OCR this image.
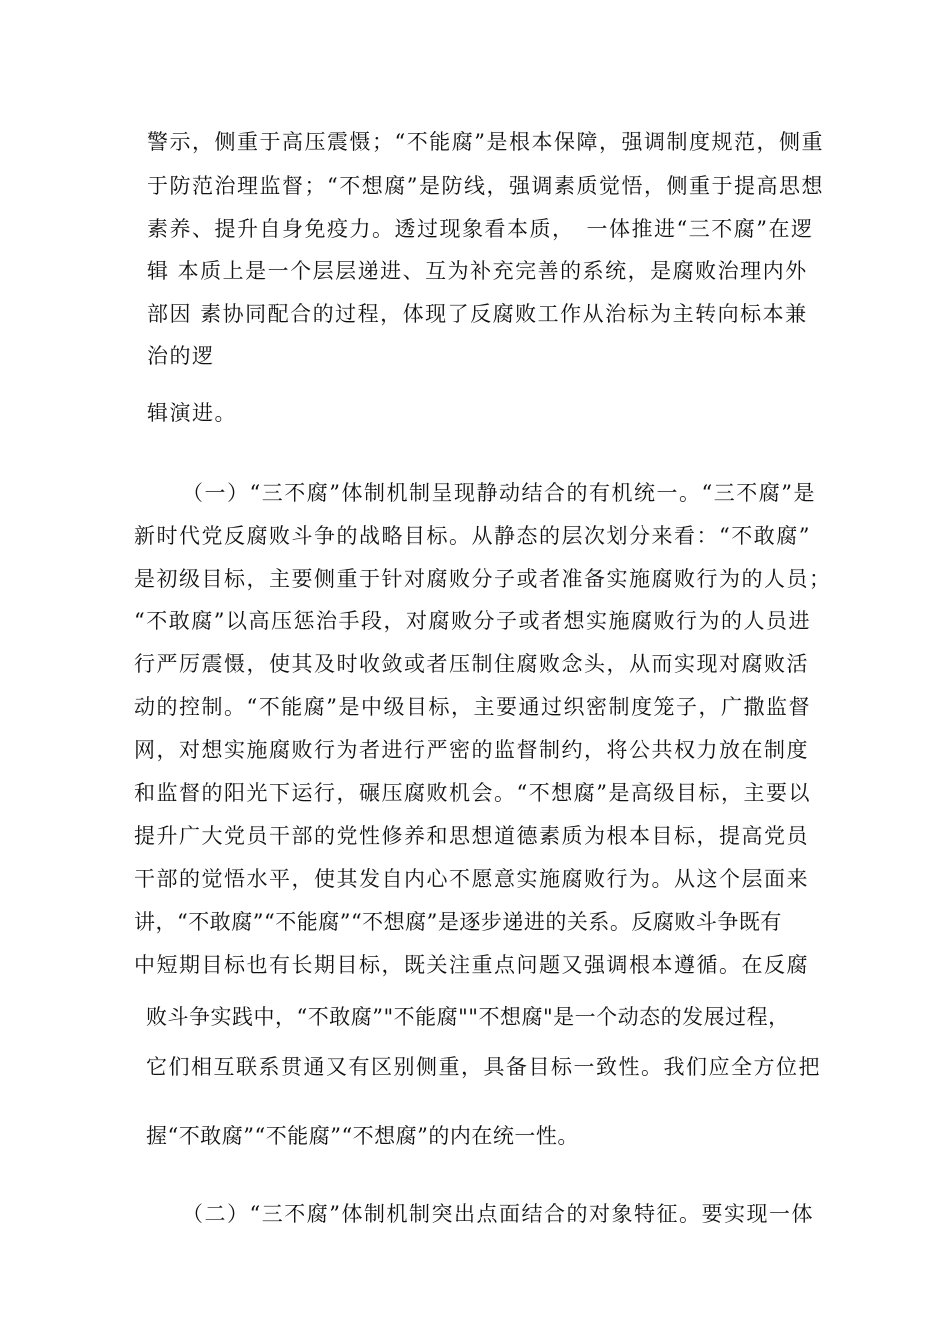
警示，侧重于高压震慑；“不能腐”是根本保障，强调制度规范，侧重
于防范治理监督；“不想腐”是防线，强调素质觉悟，侧重于提高思想
素养、提升自身免疫力。透过现象看本质，　一体推进“三不腐”在逻
辑 本质上是一个层层递进、互为补充完善的系统，是腐败治理内外
部因 素协同配合的过程，体现了反腐败工作从治标为主转向标本兼
治的逻
辑演进。
（一）“三不腐”体制机制呈现静动结合的有机统一。“三不腐”是
新时代党反腐败斗争的战略目标。从静态的层次划分来看：“不敢腐”
是初级目标，主要侧重于针对腐败分子或者准备实施腐败行为的人员；
“不敢腐”以高压惩治手段，对腐败分子或者想实施腐败行为的人员进
行严厉震慑，使其及时收敛或者压制住腐败念头，从而实现对腐败活
动的控制。“不能腐”是中级目标，主要通过织密制度笼子，广撒监督
网，对想实施腐败行为者进行严密的监督制约，将公共权力放在制度
和监督的阳光下运行，碾压腐败机会。“不想腐”是高级目标，主要以
提升广大党员干部的党性修养和思想道德素质为根本目标，提高党员
干部的觉悟水平，使其发自内心不愿意实施腐败行为。从这个层面来
讲，“不敢腐”“不能腐”“不想腐”是逐步递进的关系。反腐败斗争既有
中短期目标也有长期目标，既关注重点问题又强调根本遵循。在反腐
败斗争实践中，“不敢腐”"不能腐""不想腐"是一个动态的发展过程，
它们相互联系贯通又有区别侧重，具备目标一致性。我们应全方位把
握“不敢腐”“不能腐”“不想腐”的内在统一性。
（二）“三不腐”体制机制突出点面结合的对象特征。要实现一体
